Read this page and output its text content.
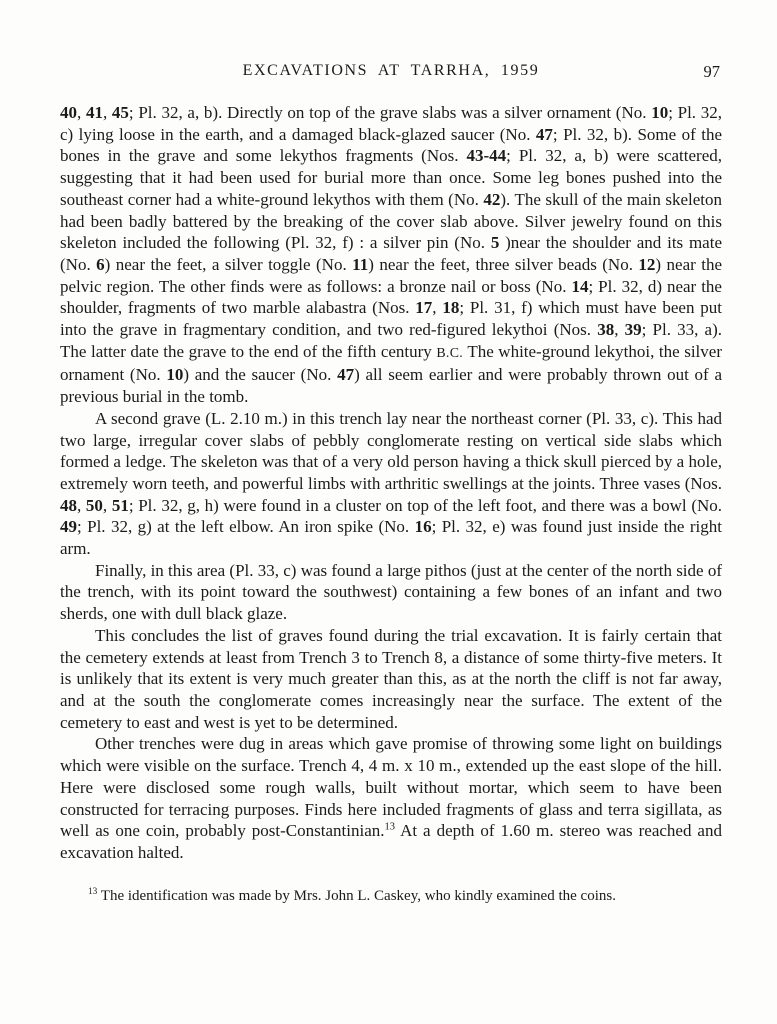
EXCAVATIONS AT TARRHA, 1959	97

40, 41, 45; Pl. 32, a, b). Directly on top of the grave slabs was a silver ornament (No. 10; Pl. 32, c) lying loose in the earth, and a damaged black-glazed saucer (No. 47; Pl. 32, b). Some of the bones in the grave and some lekythos fragments (Nos. 43-44; Pl. 32, a, b) were scattered, suggesting that it had been used for burial more than once. Some leg bones pushed into the southeast corner had a white-ground lekythos with them (No. 42). The skull of the main skeleton had been badly battered by the breaking of the cover slab above. Silver jewelry found on this skeleton included the following (Pl. 32, f) : a silver pin (No. 5 )near the shoulder and its mate (No. 6) near the feet, a silver toggle (No. 11) near the feet, three silver beads (No. 12) near the pelvic region. The other finds were as follows: a bronze nail or boss (No. 14; Pl. 32, d) near the shoulder, fragments of two marble alabastra (Nos. 17, 18; Pl. 31, f) which must have been put into the grave in fragmentary condition, and two red-figured lekythoi (Nos. 38, 39; Pl. 33, a). The latter date the grave to the end of the fifth century B.C. The white-ground lekythoi, the silver ornament (No. 10) and the saucer (No. 47) all seem earlier and were probably thrown out of a previous burial in the tomb.

A second grave (L. 2.10 m.) in this trench lay near the northeast corner (Pl. 33, c). This had two large, irregular cover slabs of pebbly conglomerate resting on vertical side slabs which formed a ledge. The skeleton was that of a very old person having a thick skull pierced by a hole, extremely worn teeth, and powerful limbs with arthritic swellings at the joints. Three vases (Nos. 48, 50, 51; Pl. 32, g, h) were found in a cluster on top of the left foot, and there was a bowl (No. 49; Pl. 32, g) at the left elbow. An iron spike (No. 16; Pl. 32, e) was found just inside the right arm.

Finally, in this area (Pl. 33, c) was found a large pithos (just at the center of the north side of the trench, with its point toward the southwest) containing a few bones of an infant and two sherds, one with dull black glaze.

This concludes the list of graves found during the trial excavation. It is fairly certain that the cemetery extends at least from Trench 3 to Trench 8, a distance of some thirty-five meters. It is unlikely that its extent is very much greater than this, as at the north the cliff is not far away, and at the south the conglomerate comes increasingly near the surface. The extent of the cemetery to east and west is yet to be determined.

Other trenches were dug in areas which gave promise of throwing some light on buildings which were visible on the surface. Trench 4, 4 m. x 10 m., extended up the east slope of the hill. Here were disclosed some rough walls, built without mortar, which seem to have been constructed for terracing purposes. Finds here included fragments of glass and terra sigillata, as well as one coin, probably post-Constantinian.$^{13}$ At a depth of 1.60 m. stereo was reached and excavation halted.

$^{13}$ The identification was made by Mrs. John L. Caskey, who kindly examined the coins.
